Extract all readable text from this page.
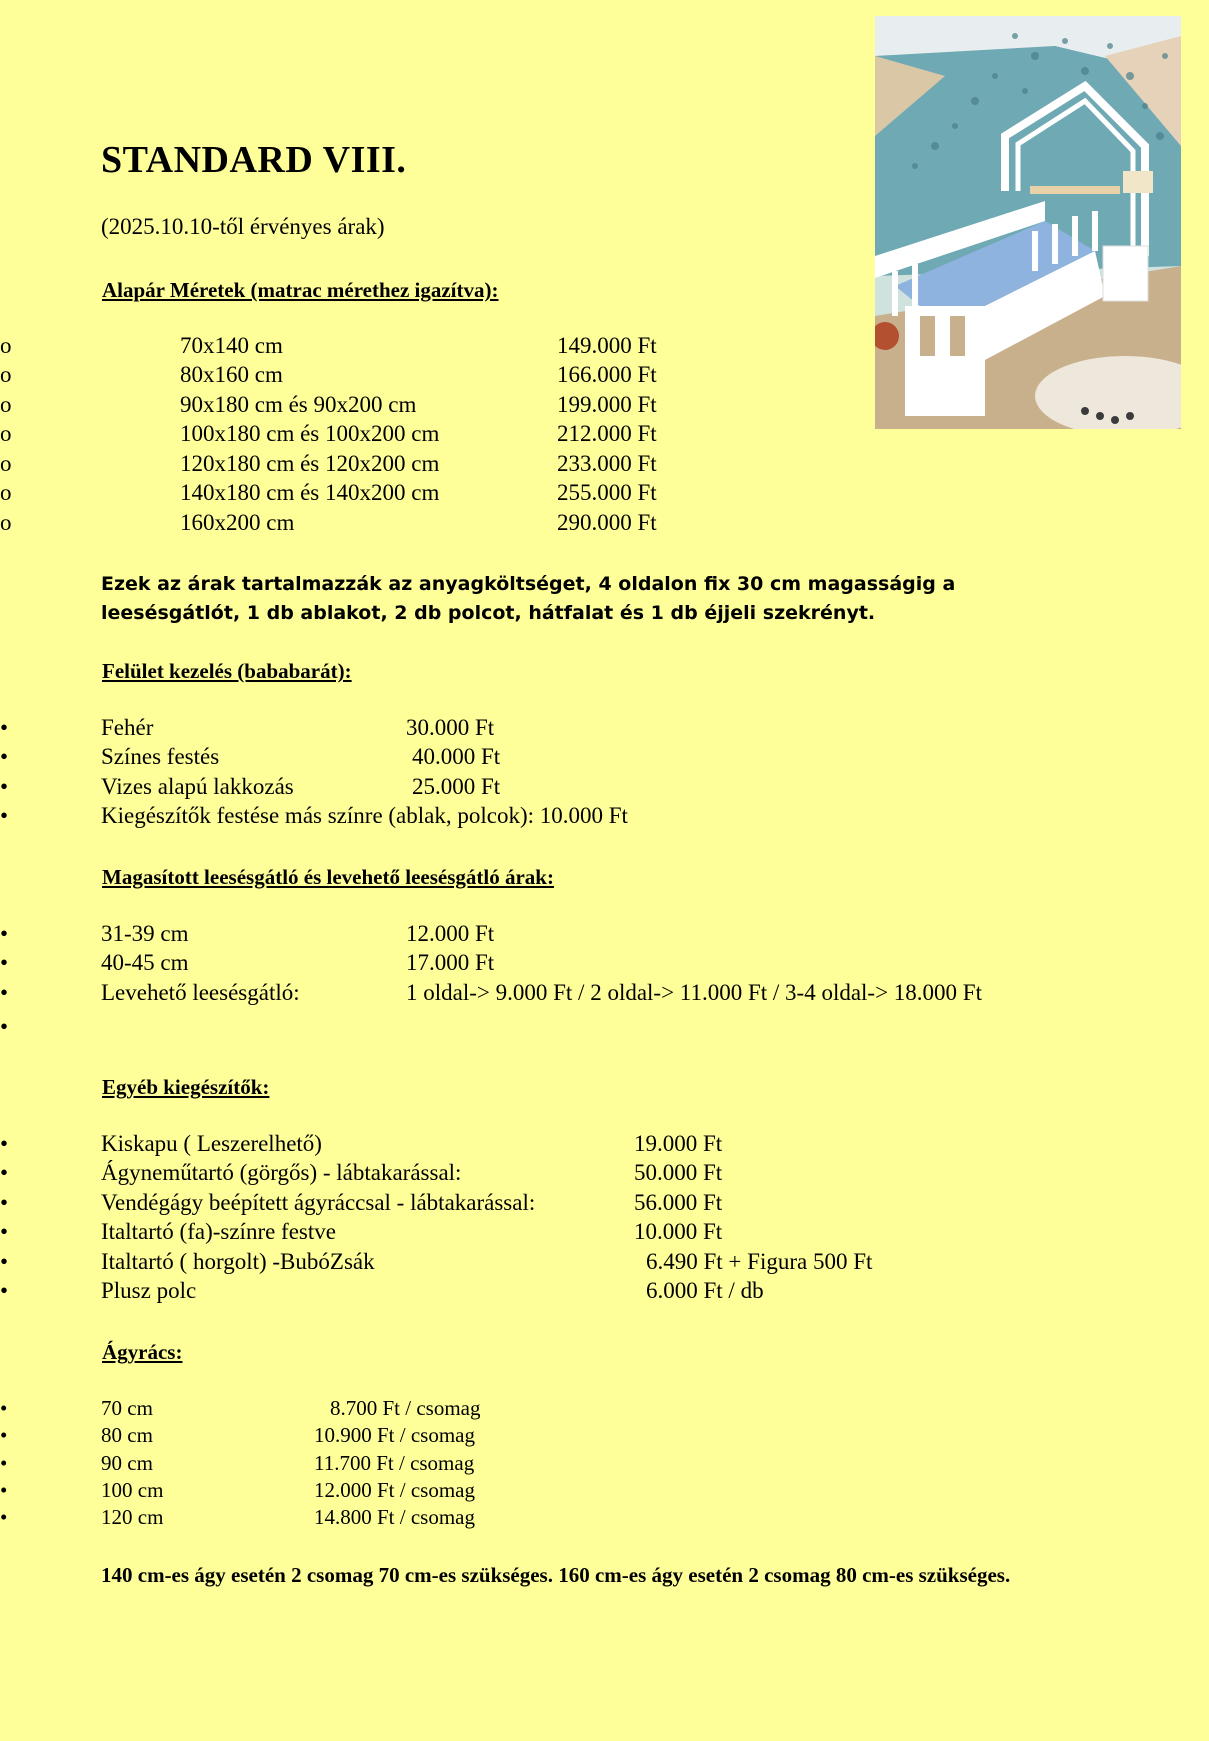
STANDARD VIII.
(2025.10.10-től érvényes árak)
Alapár Méretek (matrac mérethez igazítva):
o	70x140 cm	149.000 Ft
o	80x160 cm	166.000 Ft
o	90x180 cm és 90x200 cm	199.000 Ft
o	100x180 cm és 100x200 cm	212.000 Ft
o	120x180 cm és 120x200 cm	233.000 Ft
o	140x180 cm és 140x200 cm	255.000 Ft
o	160x200 cm	290.000 Ft
Ezek az árak tartalmazzák az anyagköltséget, 4 oldalon fix 30 cm magasságig a leesésgátlót, 1 db ablakot, 2 db polcot, hátfalat és 1 db éjjeli szekrényt.
Felület kezelés (bababarát):
•	Fehér	30.000 Ft
•	Színes festés	40.000 Ft
•	Vizes alapú lakkozás	25.000 Ft
•	Kiegészítők festése más színre (ablak, polcok): 10.000 Ft
Magasított leesésgátló és levehető leesésgátló árak:
•	31-39 cm	12.000 Ft
•	40-45 cm	17.000 Ft
•	Levehető leesésgátló:	1 oldal-> 9.000 Ft / 2 oldal-> 11.000 Ft / 3-4 oldal-> 18.000 Ft
•
Egyéb kiegészítők:
•	Kiskapu ( Leszerelhető)	19.000 Ft
•	Ágyneműtartó (görgős) - lábtakarással:	50.000 Ft
•	Vendégágy beépített ágyráccsal - lábtakarással:	56.000 Ft
•	Italtartó (fa)-színre festve	10.000 Ft
•	Italtartó ( horgolt) -BubóZsák	6.490 Ft + Figura 500 Ft
•	Plusz polc	6.000 Ft / db
Ágyrács:
•	70 cm	8.700 Ft / csomag
•	80 cm	10.900 Ft / csomag
•	90 cm	11.700 Ft / csomag
•	100 cm	12.000 Ft / csomag
•	120 cm	14.800 Ft / csomag
140 cm-es ágy esetén 2 csomag 70 cm-es szükséges. 160 cm-es ágy esetén 2 csomag 80 cm-es szükséges.
